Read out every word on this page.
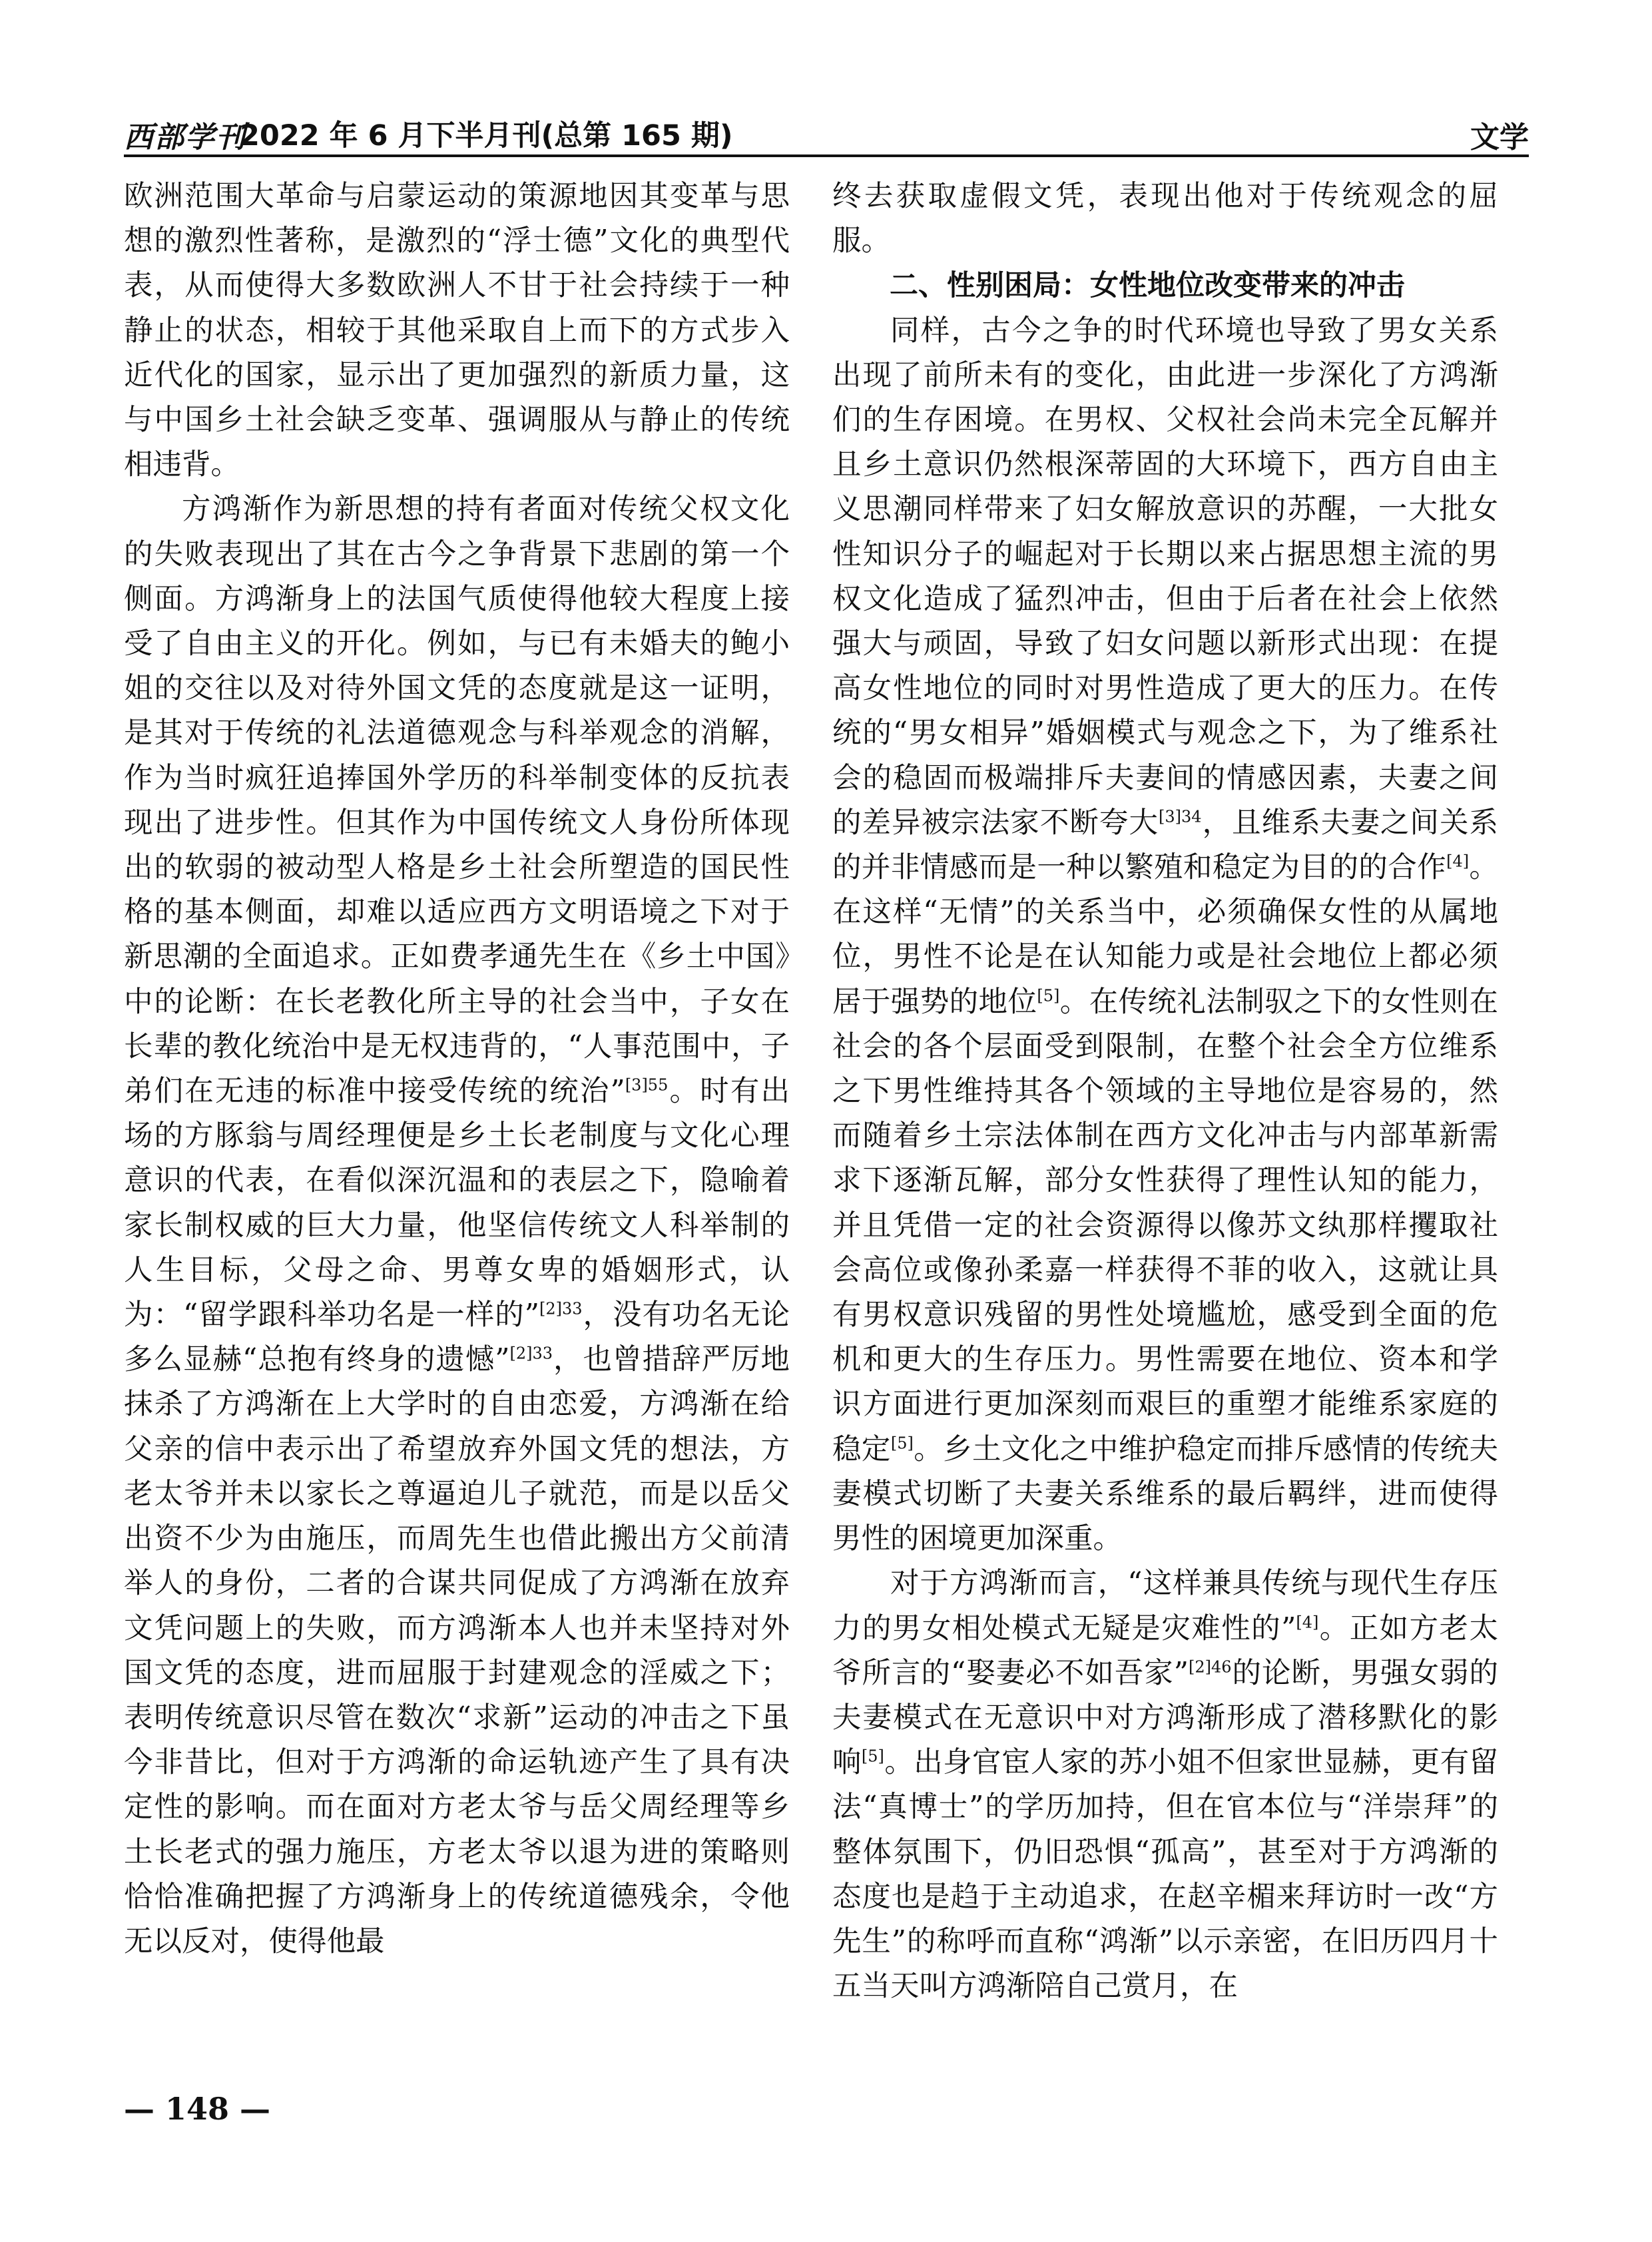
西部学刊
2022 年 6 月下半月刊(总第 165 期)	文学

欧洲范围大革命与启蒙运动的策源地因其变革与思想的激烈性著称，是激烈的“浮士德”文化的典型代表，从而使得大多数欧洲人不甘于社会持续于一种静止的状态，相较于其他采取自上而下的方式步入近代化的国家，显示出了更加强烈的新质力量，这与中国乡土社会缺乏变革、强调服从与静止的传统相违背。

方鸿渐作为新思想的持有者面对传统父权文化的失败表现出了其在古今之争背景下悲剧的第一个侧面。方鸿渐身上的法国气质使得他较大程度上接受了自由主义的开化。例如，与已有未婚夫的鲍小姐的交往以及对待外国文凭的态度就是这一证明，是其对于传统的礼法道德观念与科举观念的消解，作为当时疯狂追捧国外学历的科举制变体的反抗表现出了进步性。但其作为中国传统文人身份所体现出的软弱的被动型人格是乡土社会所塑造的国民性格的基本侧面，却难以适应西方文明语境之下对于新思潮的全面追求。正如费孝通先生在《乡土中国》中的论断：在长老教化所主导的社会当中，子女在长辈的教化统治中是无权违背的，“人事范围中，子弟们在无违的标准中接受传统的统治”$^{[3]55}$。时有出场的方豚翁与周经理便是乡土长老制度与文化心理意识的代表，在看似深沉温和的表层之下，隐喻着家长制权威的巨大力量，他坚信传统文人科举制的人生目标，父母之命、男尊女卑的婚姻形式，认为：“留学跟科举功名是一样的”$^{[2]33}$，没有功名无论多么显赫“总抱有终身的遗憾”$^{[2]33}$，也曾措辞严厉地抹杀了方鸿渐在上大学时的自由恋爱，方鸿渐在给父亲的信中表示出了希望放弃外国文凭的想法，方老太爷并未以家长之尊逼迫儿子就范，而是以岳父出资不少为由施压，而周先生也借此搬出方父前清举人的身份，二者的合谋共同促成了方鸿渐在放弃文凭问题上的失败，而方鸿渐本人也并未坚持对外国文凭的态度，进而屈服于封建观念的淫威之下；表明传统意识尽管在数次“求新”运动的冲击之下虽今非昔比，但对于方鸿渐的命运轨迹产生了具有决定性的影响。而在面对方老太爷与岳父周经理等乡土长老式的强力施压，方老太爷以退为进的策略则恰恰准确把握了方鸿渐身上的传统道德残余，令他无以反对，使得他最

终去获取虚假文凭，表现出他对于传统观念的屈服。

二、性别困局：女性地位改变带来的冲击

同样，古今之争的时代环境也导致了男女关系出现了前所未有的变化，由此进一步深化了方鸿渐们的生存困境。在男权、父权社会尚未完全瓦解并且乡土意识仍然根深蒂固的大环境下，西方自由主义思潮同样带来了妇女解放意识的苏醒，一大批女性知识分子的崛起对于长期以来占据思想主流的男权文化造成了猛烈冲击，但由于后者在社会上依然强大与顽固，导致了妇女问题以新形式出现：在提高女性地位的同时对男性造成了更大的压力。在传统的“男女相异”婚姻模式与观念之下，为了维系社会的稳固而极端排斥夫妻间的情感因素，夫妻之间的差异被宗法家不断夸大$^{[3]34}$，且维系夫妻之间关系的并非情感而是一种以繁殖和稳定为目的的合作[4]。在这样“无情”的关系当中，必须确保女性的从属地位，男性不论是在认知能力或是社会地位上都必须居于强势的地位[5]。在传统礼法制驭之下的女性则在社会的各个层面受到限制，在整个社会全方位维系之下男性维持其各个领域的主导地位是容易的，然而随着乡土宗法体制在西方文化冲击与内部革新需求下逐渐瓦解，部分女性获得了理性认知的能力，并且凭借一定的社会资源得以像苏文纨那样攫取社会高位或像孙柔嘉一样获得不菲的收入，这就让具有男权意识残留的男性处境尴尬，感受到全面的危机和更大的生存压力。男性需要在地位、资本和学识方面进行更加深刻而艰巨的重塑才能维系家庭的稳定[5]。乡土文化之中维护稳定而排斥感情的传统夫妻模式切断了夫妻关系维系的最后羁绊，进而使得男性的困境更加深重。

对于方鸿渐而言，“这样兼具传统与现代生存压力的男女相处模式无疑是灾难性的”[4]。正如方老太爷所言的“娶妻必不如吾家”$^{[2]46}$的论断，男强女弱的夫妻模式在无意识中对方鸿渐形成了潜移默化的影响[5]。出身官宦人家的苏小姐不但家世显赫，更有留法“真博士”的学历加持，但在官本位与“洋崇拜”的整体氛围下，仍旧恐惧“孤高”，甚至对于方鸿渐的态度也是趋于主动追求，在赵辛楣来拜访时一改“方先生”的称呼而直称“鸿渐”以示亲密，在旧历四月十五当天叫方鸿渐陪自己赏月，在

— 148 —
